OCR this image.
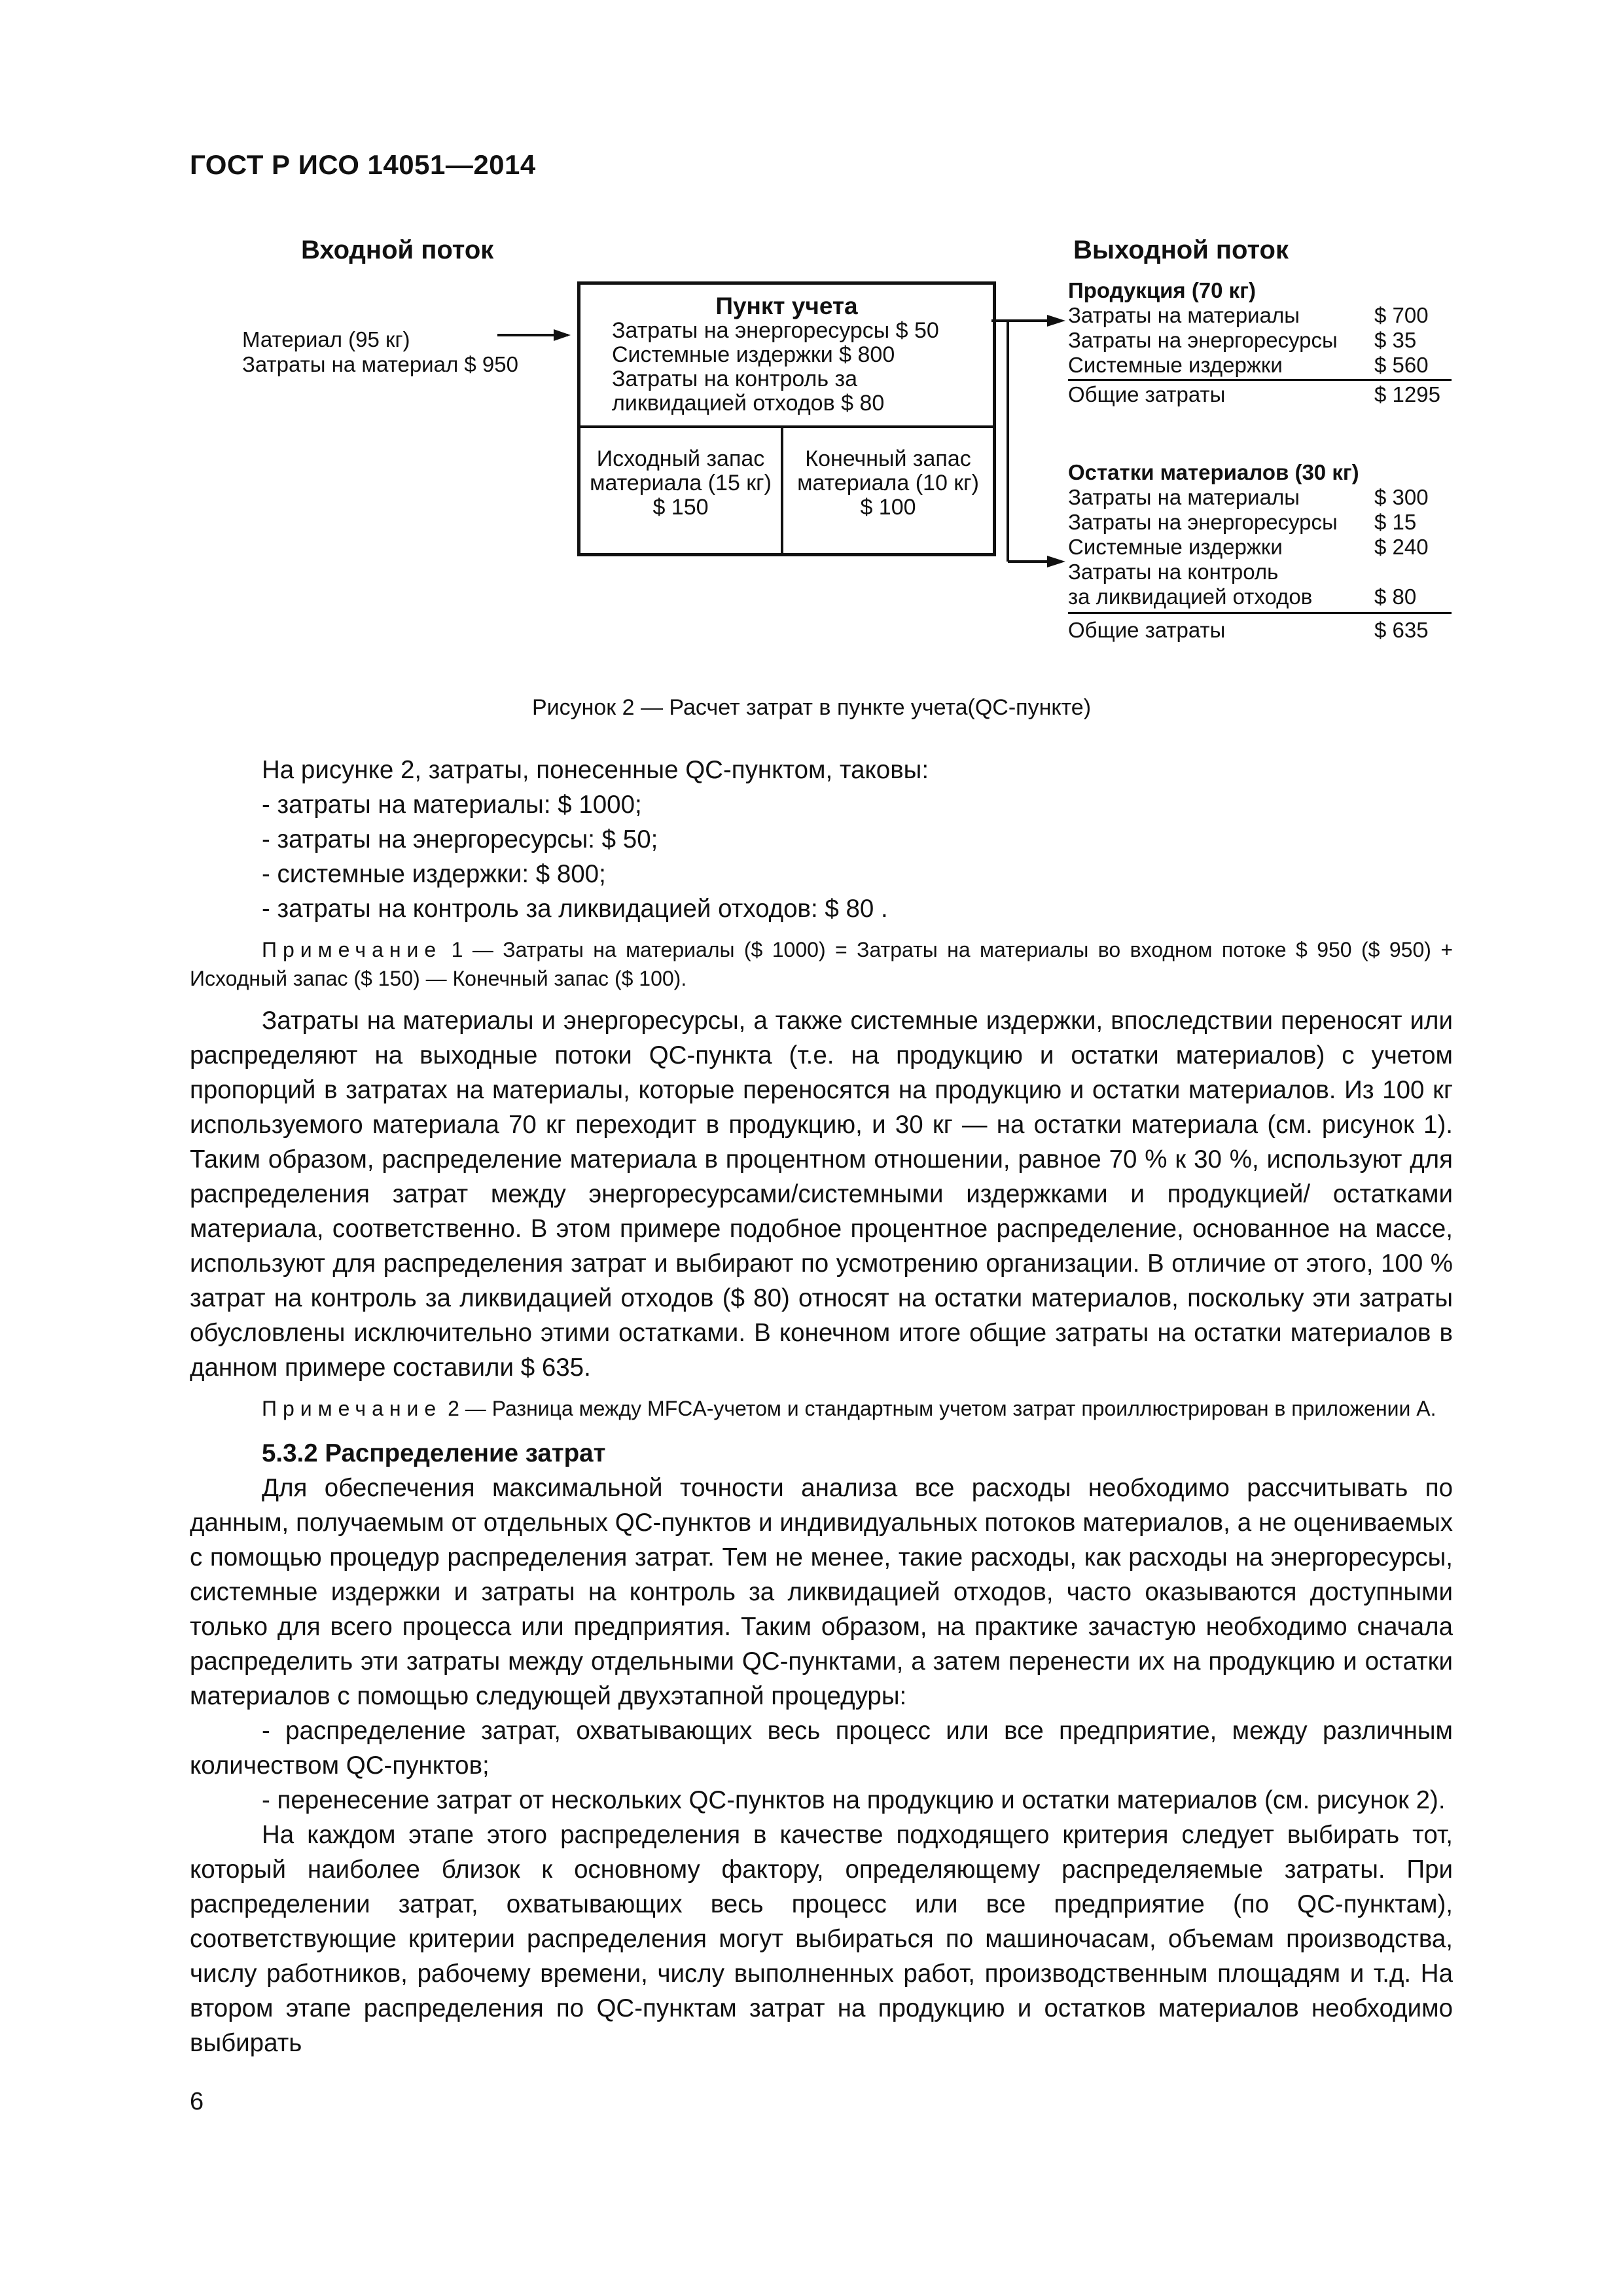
ГОСТ Р ИСО 14051—2014
Входной поток	Выходной поток
Материал (95 кг)
Затраты на материал $ 950
Пункт учета
Затраты на энергоресурсы $ 50
Системные издержки $ 800
Затраты на контроль за
ликвидацией отходов $ 80
Исходный запас
материала (15 кг)
$ 150
Конечный запас
материала (10 кг)
$ 100
Продукция (70 кг)
Затраты на материалы	$ 700
Затраты на энергоресурсы	$ 35
Системные издержки	$ 560
Общие затраты	$ 1295
Остатки материалов (30 кг)
Затраты на материалы	$ 300
Затраты на энергоресурсы	$ 15
Системные издержки	$ 240
Затраты на контроль
за ликвидацией отходов	$ 80
Общие затраты	$ 635
Рисунок 2 — Расчет затрат в пункте учета(QC-пункте)

На рисунке 2, затраты, понесенные QC-пунктом, таковы:

- затраты на материалы: $ 1000;

- затраты на энергоресурсы: $ 50;

- системные издержки: $ 800;

- затраты на контроль за ликвидацией отходов: $ 80 .

Примечание 1 — Затраты на материалы ($ 1000) = Затраты на материалы во входном потоке $ 950 ($ 950) + Исходный запас ($ 150) — Конечный запас ($ 100).

Затраты на материалы и энергоресурсы, а также системные издержки, впоследствии переносят или распределяют на выходные потоки QC-пункта (т.е. на продукцию и остатки материалов) с учетом пропорций в затратах на материалы, которые переносятся на продукцию и остатки материалов. Из 100 кг используемого материала 70 кг переходит в продукцию, и 30 кг — на остатки материала (см. рисунок 1). Таким образом, распределение материала в процентном отношении, равное 70 % к 30 %, используют для распределения затрат между энергоресурсами/системными издержками и продукцией/ остатками материала, соответственно. В этом примере подобное процентное распределение, основанное на массе, используют для распределения затрат и выбирают по усмотрению организации. В отличие от этого, 100 % затрат на контроль за ликвидацией отходов ($ 80) относят на остатки материалов, поскольку эти затраты обусловлены исключительно этими остатками. В конечном итоге общие затраты на остатки материалов в данном примере составили $ 635.

Примечание 2 — Разница между MFCA-учетом и стандартным учетом затрат проиллюстрирован в приложении А.

5.3.2 Распределение затрат

Для обеспечения максимальной точности анализа все расходы необходимо рассчитывать по данным, получаемым от отдельных QC-пунктов и индивидуальных потоков материалов, а не оцениваемых с помощью процедур распределения затрат. Тем не менее, такие расходы, как расходы на энергоресурсы, системные издержки и затраты на контроль за ликвидацией отходов, часто оказываются доступными только для всего процесса или предприятия. Таким образом, на практике зачастую необходимо сначала распределить эти затраты между отдельными QC-пунктами, а затем перенести их на продукцию и остатки материалов с помощью следующей двухэтапной процедуры:

- распределение затрат, охватывающих весь процесс или все предприятие, между различным количеством QC-пунктов;

- перенесение затрат от нескольких QC-пунктов на продукцию и остатки материалов (см. рисунок 2).

На каждом этапе этого распределения в качестве подходящего критерия следует выбирать тот, который наиболее близок к основному фактору, определяющему распределяемые затраты. При распределении затрат, охватывающих весь процесс или все предприятие (по QC-пунктам), соответствующие критерии распределения могут выбираться по машиночасам, объемам производства, числу работников, рабочему времени, числу выполненных работ, производственным площадям и т.д. На втором этапе распределения по QC-пунктам затрат на продукцию и остатков материалов необходимо выбирать

6
